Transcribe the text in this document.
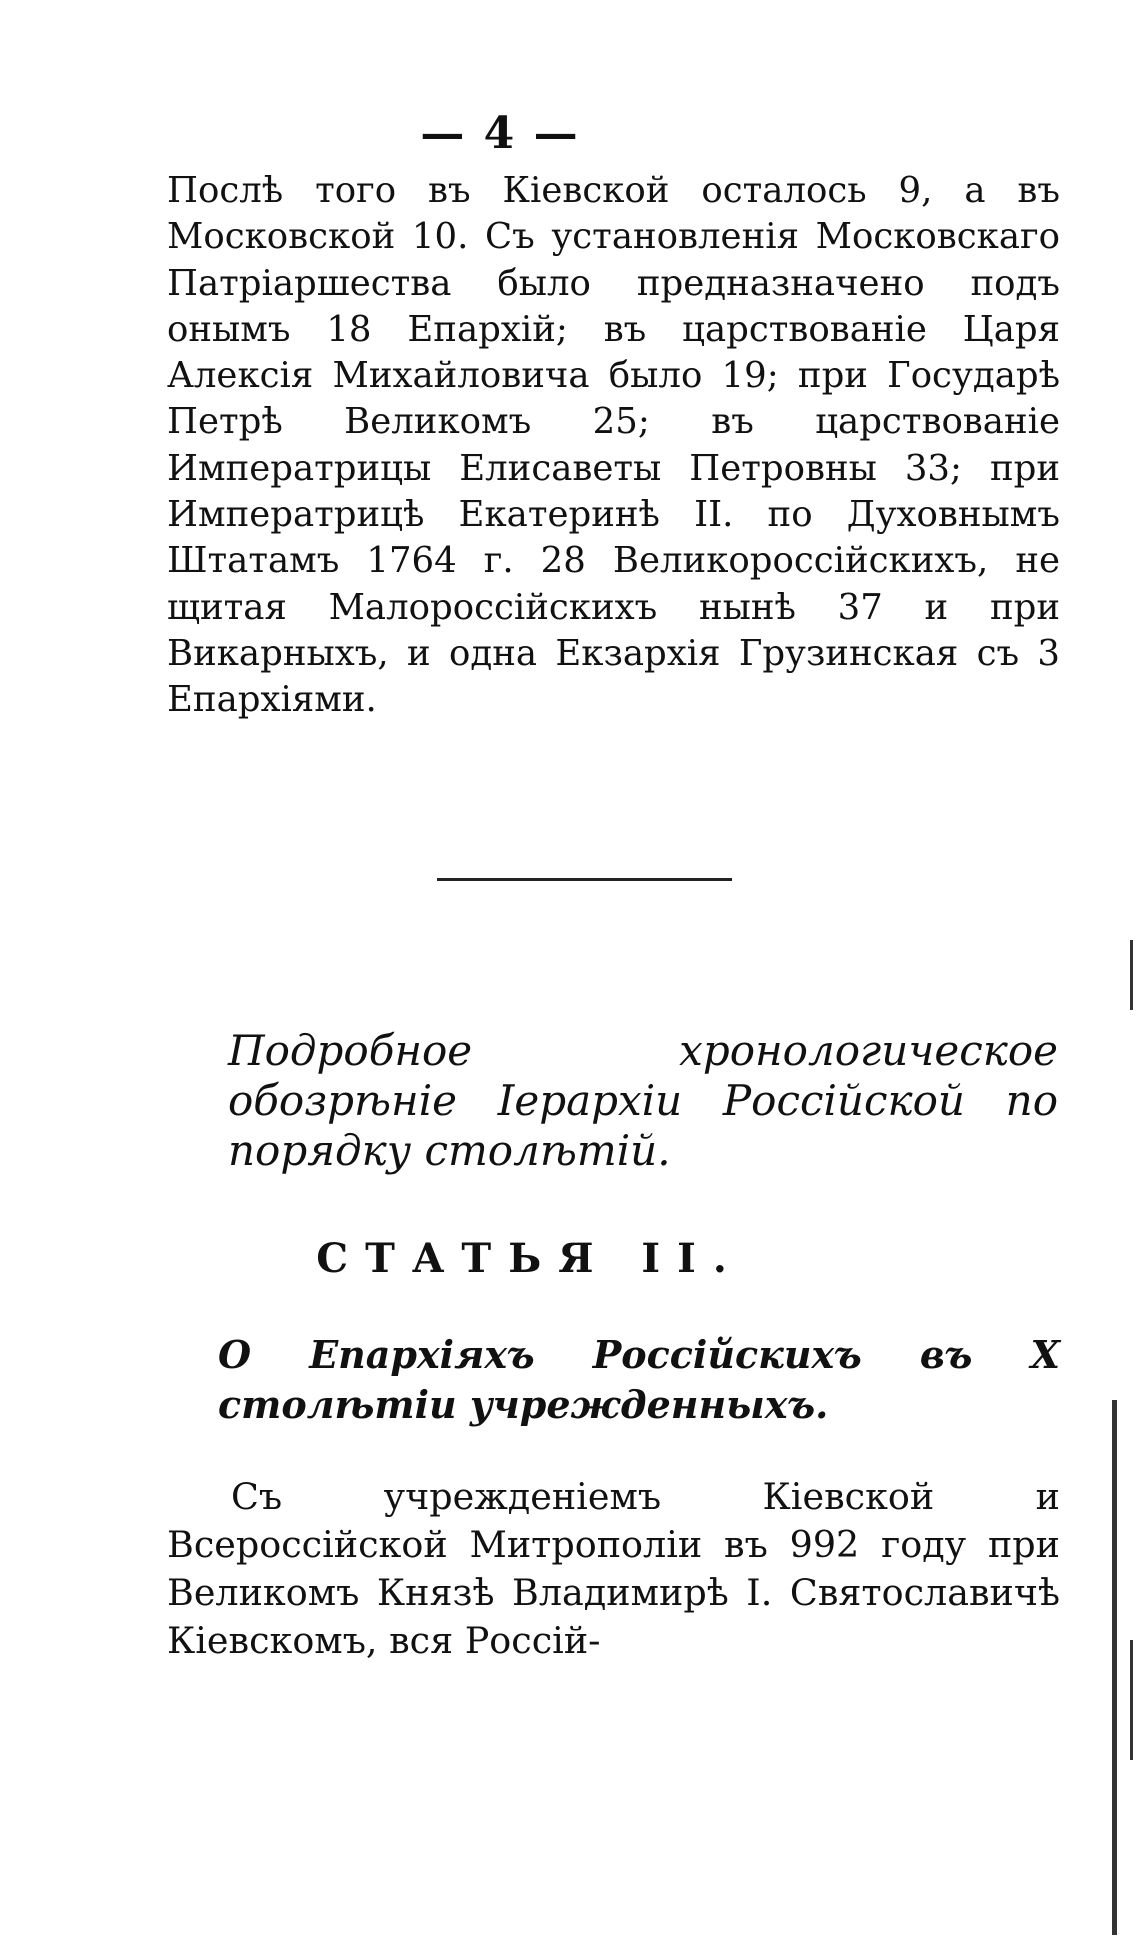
— 4 —

Послѣ того въ Кіевской осталось 9, а въ Московской 10. Съ установленія Московскаго Патріаршества было предназначено подъ онымъ 18 Епархій; въ царствованіе Царя Алексія Михайловича было 19; при Государѣ Петрѣ Великомъ 25; въ царствованіе Императрицы Елисаветы Петровны 33; при Императрицѣ Екатеринѣ II. по Духовнымъ Штатамъ 1764 г. 28 Великороссійскихъ, не щитая Малороссійскихъ нынѣ 37 и при Викарныхъ, и одна Екзархія Грузинская съ 3 Епархіями.

Подробное хронологическое обозрѣніе Іерархіи Россійской по порядку столѣтій.
СТАТЬЯ II.
О Епархіяхъ Россійскихъ въ X столѣтіи учрежденныхъ.

Съ учрежденіемъ Кіевской и Всероссійской Митрополіи въ 992 году при Великомъ Князѣ Владимирѣ I. Святославичѣ Кіевскомъ, вся Россій-
